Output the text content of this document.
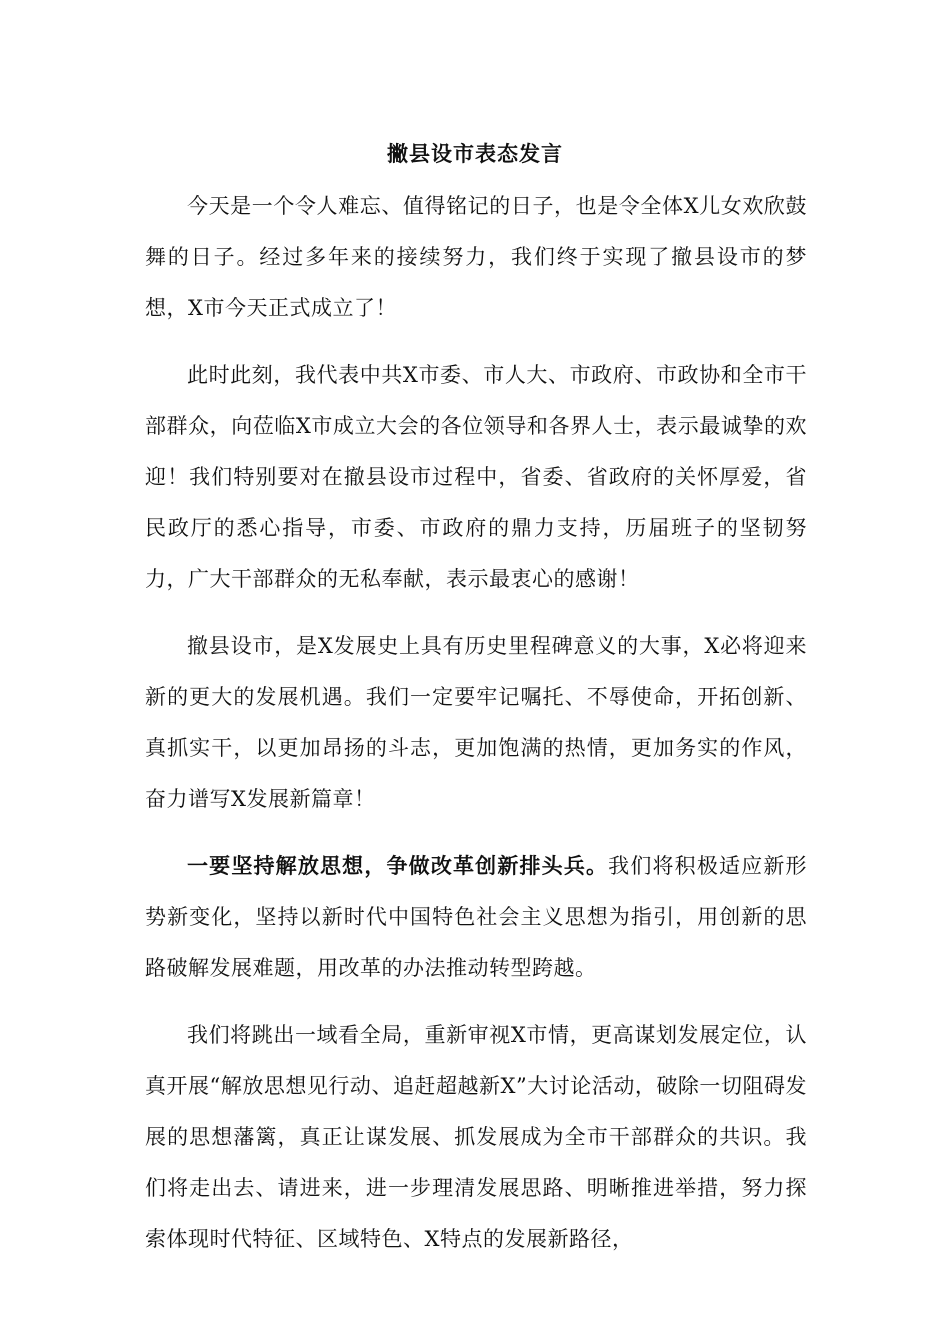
撇县设市表态发言

今天是一个令人难忘、值得铭记的日子，也是令全体X儿女欢欣鼓舞的日子。经过多年来的接续努力，我们终于实现了撤县设市的梦想，X市今天正式成立了！

此时此刻，我代表中共X市委、市人大、市政府、市政协和全市干部群众，向莅临X市成立大会的各位领导和各界人士，表示最诚挚的欢迎！我们特别要对在撤县设市过程中，省委、省政府的关怀厚爱，省民政厅的悉心指导，市委、市政府的鼎力支持，历届班子的坚韧努力，广大干部群众的无私奉献，表示最衷心的感谢！

撤县设市，是X发展史上具有历史里程碑意义的大事，X必将迎来新的更大的发展机遇。我们一定要牢记嘱托、不辱使命，开拓创新、真抓实干，以更加昂扬的斗志，更加饱满的热情，更加务实的作风，奋力谱写X发展新篇章！

一要坚持解放思想，争做改革创新排头兵。我们将积极适应新形势新变化，坚持以新时代中国特色社会主义思想为指引，用创新的思路破解发展难题，用改革的办法推动转型跨越。

我们将跳出一域看全局，重新审视X市情，更高谋划发展定位，认真开展“解放思想见行动、追赶超越新X”大讨论活动，破除一切阻碍发展的思想藩篱，真正让谋发展、抓发展成为全市干部群众的共识。我们将走出去、请进来，进一步理清发展思路、明晰推进举措，努力探索体现时代特征、区域特色、X特点的发展新路径，
